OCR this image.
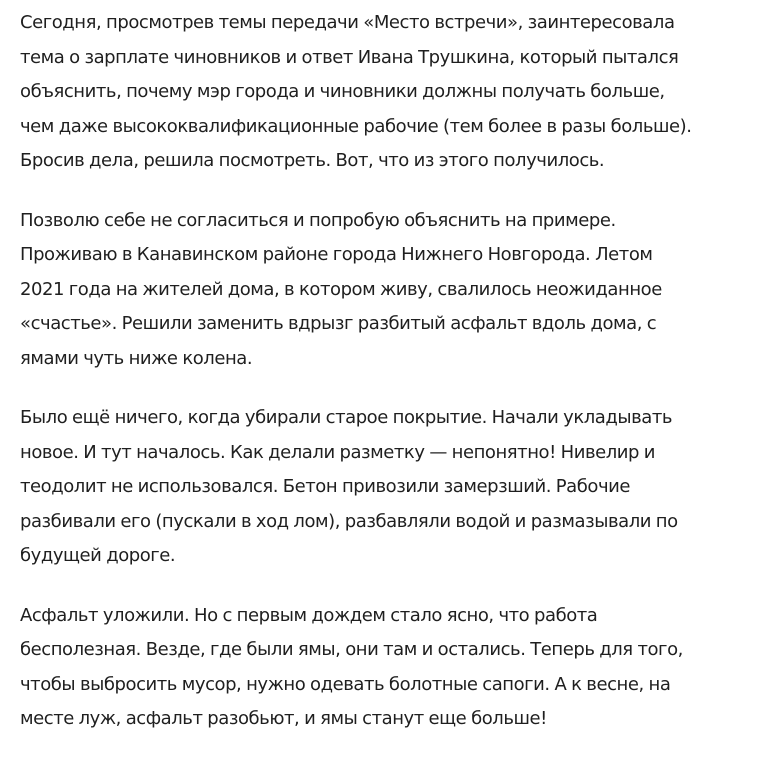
Сегодня, просмотрев темы передачи «Место встречи», заинтересовала
тема о зарплате чиновников и ответ Ивана Трушкина, который пытался
объяснить, почему мэр города и чиновники должны получать больше,
чем даже высококвалификационные рабочие (тем более в разы больше).
Бросив дела, решила посмотреть. Вот, что из этого получилось.

Позволю себе не согласиться и попробую объяснить на примере.
Проживаю в Канавинском районе города Нижнего Новгорода. Летом
2021 года на жителей дома, в котором живу, свалилось неожиданное
«счастье». Решили заменить вдрызг разбитый асфальт вдоль дома, с
ямами чуть ниже колена.

Было ещё ничего, когда убирали старое покрытие. Начали укладывать
новое. И тут началось. Как делали разметку — непонятно! Нивелир и
теодолит не использовался. Бетон привозили замерзший. Рабочие
разбивали его (пускали в ход лом), разбавляли водой и размазывали по
будущей дороге.

Асфальт уложили. Но с первым дождем стало ясно, что работа
бесполезная. Везде, где были ямы, они там и остались. Теперь для того,
чтобы выбросить мусор, нужно одевать болотные сапоги. А к весне, на
месте луж, асфальт разобьют, и ямы станут еще больше!
